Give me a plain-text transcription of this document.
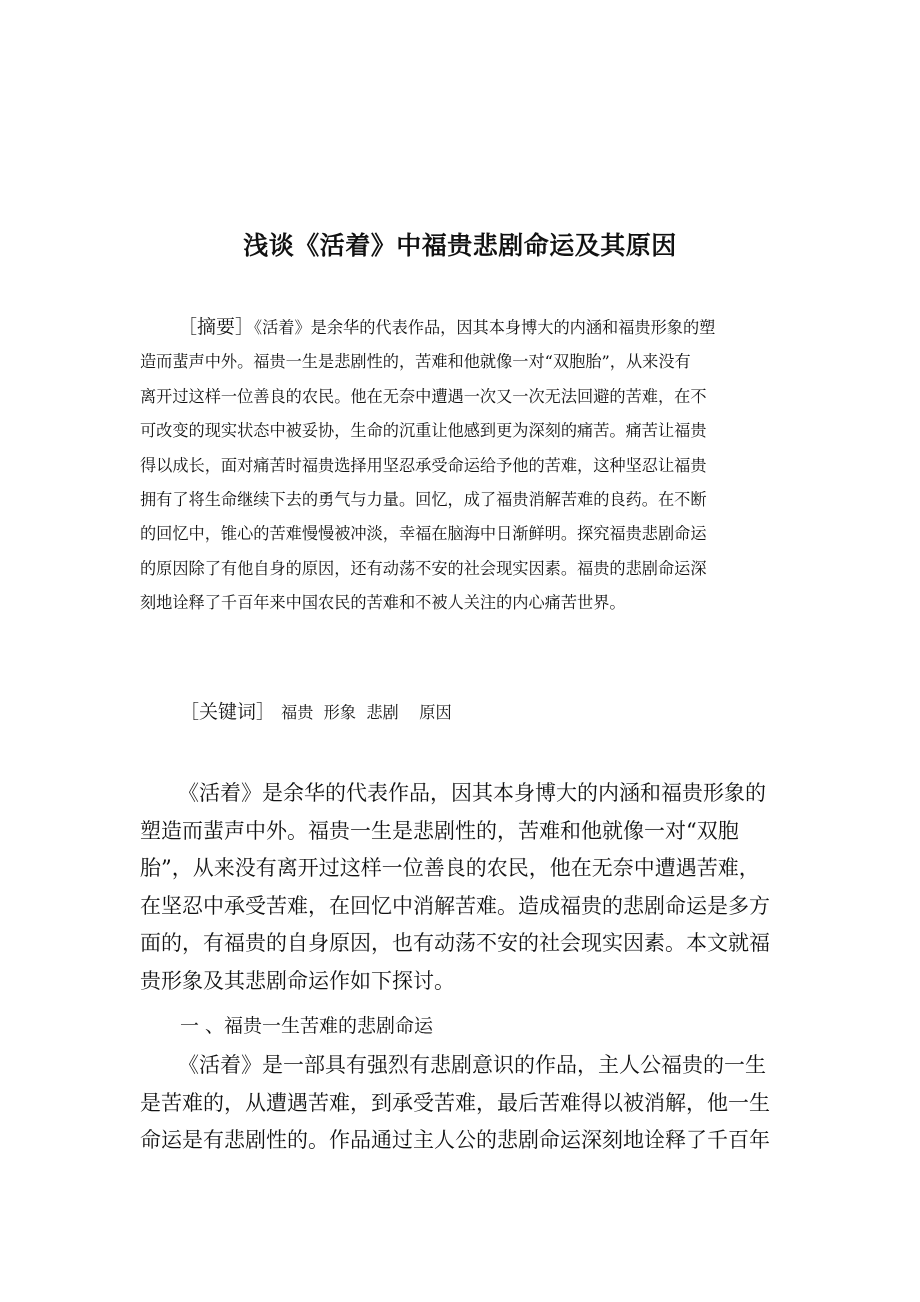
浅谈《活着》中福贵悲剧命运及其原因
［摘要］《活着》是余华的代表作品，因其本身博大的内涵和福贵形象的塑
造而蜚声中外。福贵一生是悲剧性的，苦难和他就像一对“双胞胎”，从来没有
离开过这样一位善良的农民。他在无奈中遭遇一次又一次无法回避的苦难，在不
可改变的现实状态中被妥协，生命的沉重让他感到更为深刻的痛苦。痛苦让福贵
得以成长，面对痛苦时福贵选择用坚忍承受命运给予他的苦难，这种坚忍让福贵
拥有了将生命继续下去的勇气与力量。回忆，成了福贵消解苦难的良药。在不断
的回忆中，锥心的苦难慢慢被冲淡，幸福在脑海中日渐鲜明。探究福贵悲剧命运
的原因除了有他自身的原因，还有动荡不安的社会现实因素。福贵的悲剧命运深
刻地诠释了千百年来中国农民的苦难和不被人关注的内心痛苦世界。
［关键词］ 福贵  形象  悲剧    原因
《活着》是余华的代表作品，因其本身博大的内涵和福贵形象的
塑造而蜚声中外。福贵一生是悲剧性的，苦难和他就像一对“双胞
胎”，从来没有离开过这样一位善良的农民，他在无奈中遭遇苦难，
在坚忍中承受苦难，在回忆中消解苦难。造成福贵的悲剧命运是多方
面的，有福贵的自身原因，也有动荡不安的社会现实因素。本文就福
贵形象及其悲剧命运作如下探讨。
一 、福贵一生苦难的悲剧命运
《活着》是一部具有强烈有悲剧意识的作品，主人公福贵的一生
是苦难的，从遭遇苦难，到承受苦难，最后苦难得以被消解，他一生
命运是有悲剧性的。作品通过主人公的悲剧命运深刻地诠释了千百年
